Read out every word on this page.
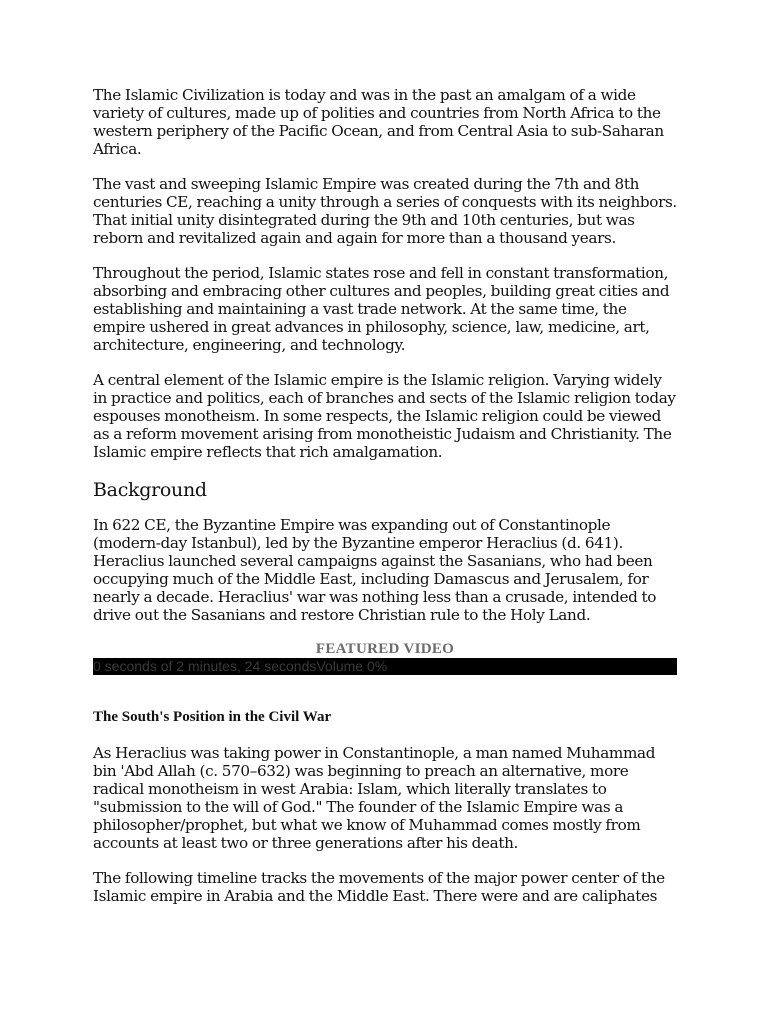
The Islamic Civilization is today and was in the past an amalgam of a wide variety of cultures, made up of polities and countries from North Africa to the western periphery of the Pacific Ocean, and from Central Asia to sub-Saharan Africa.

The vast and sweeping Islamic Empire was created during the 7th and 8th centuries CE, reaching a unity through a series of conquests with its neighbors. That initial unity disintegrated during the 9th and 10th centuries, but was reborn and revitalized again and again for more than a thousand years.

Throughout the period, Islamic states rose and fell in constant transformation, absorbing and embracing other cultures and peoples, building great cities and establishing and maintaining a vast trade network. At the same time, the empire ushered in great advances in philosophy, science, law, medicine, art, architecture, engineering, and technology.

A central element of the Islamic empire is the Islamic religion. Varying widely in practice and politics, each of branches and sects of the Islamic religion today espouses monotheism. In some respects, the Islamic religion could be viewed as a reform movement arising from monotheistic Judaism and Christianity. The Islamic empire reflects that rich amalgamation.

Background

In 622 CE, the Byzantine Empire was expanding out of Constantinople (modern-day Istanbul), led by the Byzantine emperor Heraclius (d. 641). Heraclius launched several campaigns against the Sasanians, who had been occupying much of the Middle East, including Damascus and Jerusalem, for nearly a decade. Heraclius' war was nothing less than a crusade, intended to drive out the Sasanians and restore Christian rule to the Holy Land.

FEATURED VIDEO
0 seconds of 2 minutes, 24 secondsVolume 0%
The South's Position in the Civil War

As Heraclius was taking power in Constantinople, a man named Muhammad bin 'Abd Allah (c. 570–632) was beginning to preach an alternative, more radical monotheism in west Arabia: Islam, which literally translates to "submission to the will of God." The founder of the Islamic Empire was a philosopher/prophet, but what we know of Muhammad comes mostly from accounts at least two or three generations after his death.

The following timeline tracks the movements of the major power center of the Islamic empire in Arabia and the Middle East. There were and are caliphates
